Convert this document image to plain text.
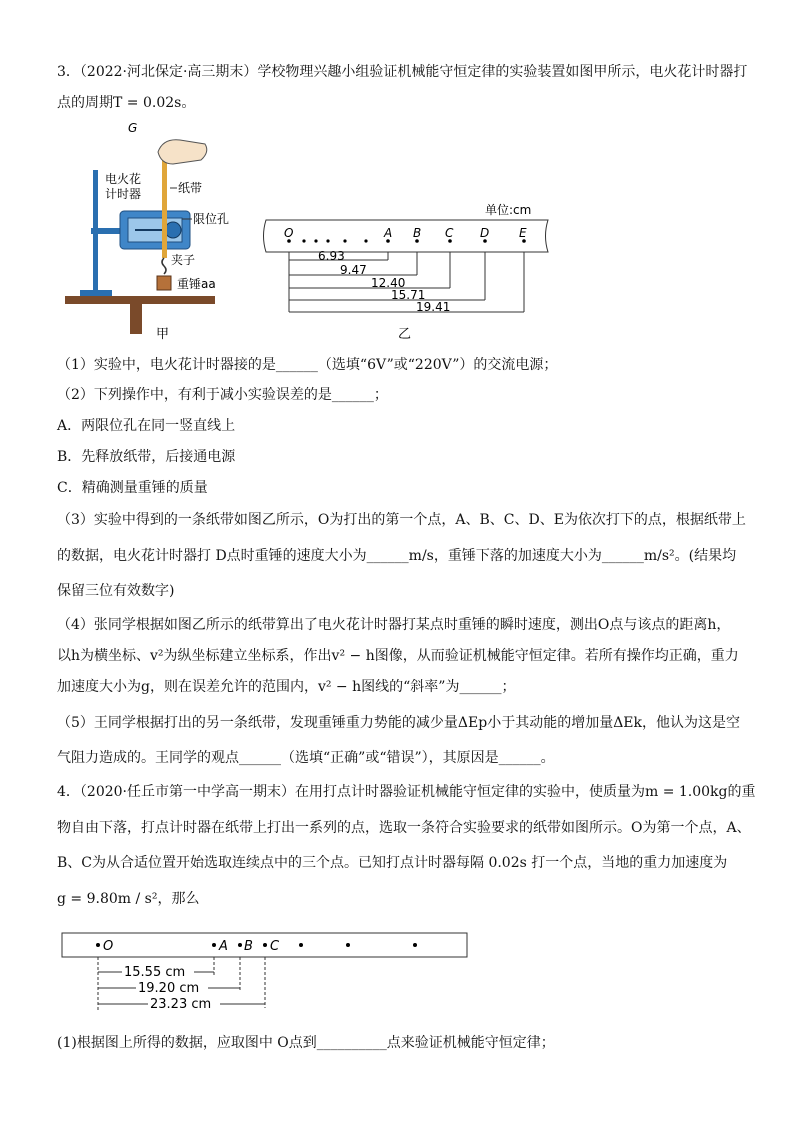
3．（2022·河北保定·高三期末）学校物理兴趣小组验证机械能守恒定律的实验装置如图甲所示，电火花计时器打
点的周期T = 0.02s。
G
电火花
计时器	纸带
限位孔
夹子
重锤aa
甲
单位:cm
O	A B C D E
6.93
9.47
12.40
15.71
19.41
乙
（1）实验中，电火花计时器接的是______（选填“6V”或“220V”）的交流电源；
（2）下列操作中，有利于减小实验误差的是______；
A．两限位孔在同一竖直线上
B．先释放纸带，后接通电源
C．精确测量重锤的质量
（3）实验中得到的一条纸带如图乙所示，O为打出的第一个点，A、B、C、D、E为依次打下的点，根据纸带上
的数据，电火花计时器打 D点时重锤的速度大小为______m/s，重锤下落的加速度大小为______m/s²。(结果均
保留三位有效数字)
（4）张同学根据如图乙所示的纸带算出了电火花计时器打某点时重锤的瞬时速度，测出O点与该点的距离h，
以h为横坐标、v²为纵坐标建立坐标系，作出v² − h图像，从而验证机械能守恒定律。若所有操作均正确，重力
加速度大小为g，则在误差允许的范围内，v² − h图线的“斜率”为______；
（5）王同学根据打出的另一条纸带，发现重锤重力势能的减少量ΔEp小于其动能的增加量ΔEk，他认为这是空
气阻力造成的。王同学的观点______（选填“正确”或“错误”），其原因是______。
4．（2020·任丘市第一中学高一期末）在用打点计时器验证机械能守恒定律的实验中，使质量为m = 1.00kg的重
物自由下落，打点计时器在纸带上打出一系列的点，选取一条符合实验要求的纸带如图所示。O为第一个点，A、
B、C为从合适位置开始选取连续点中的三个点。已知打点计时器每隔 0.02s 打一个点，当地的重力加速度为
g = 9.80m / s²，那么
O	A B C
15.55 cm
19.20 cm
23.23 cm
(1)根据图上所得的数据，应取图中 O点到__________点来验证机械能守恒定律；
